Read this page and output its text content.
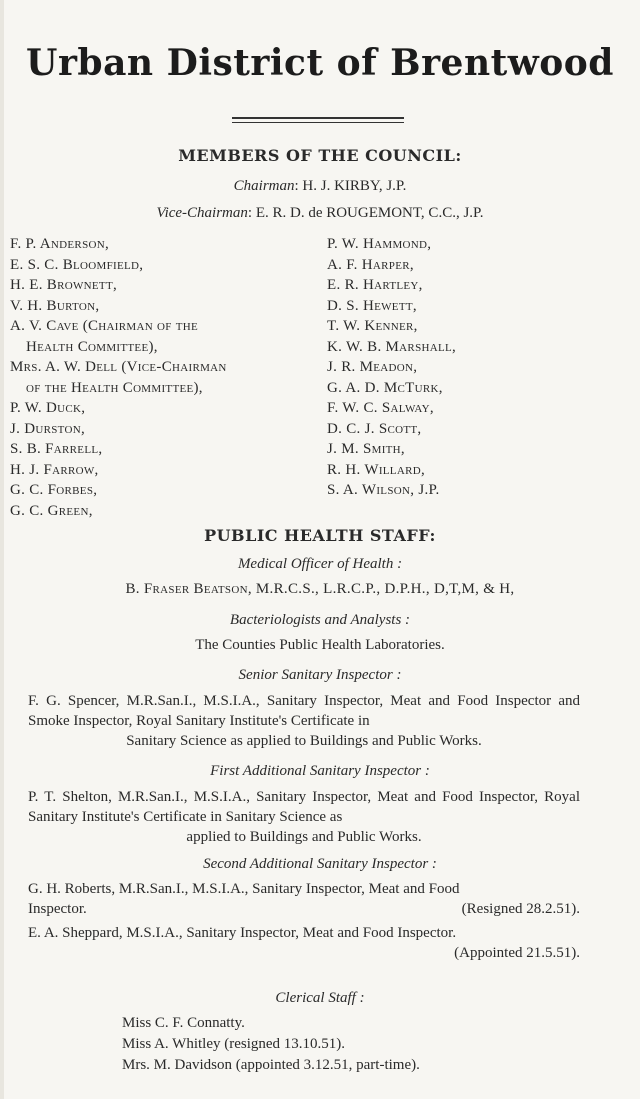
Urban District of Brentwood
MEMBERS OF THE COUNCIL:
Chairman: H. J. KIRBY, J.P.
Vice-Chairman: E. R. D. de ROUGEMONT, C.C., J.P.
F. P. Anderson,
E. S. C. Bloomfield,
H. E. Brownett,
V. H. Burton,
A. V. Cave (Chairman of the
Health Committee),
Mrs. A. W. Dell (Vice-Chairman
of the Health Committee),
P. W. Duck,
J. Durston,
S. B. Farrell,
H. J. Farrow,
G. C. Forbes,
G. C. Green,
P. W. Hammond,
A. F. Harper,
E. R. Hartley,
D. S. Hewett,
T. W. Kenner,
K. W. B. Marshall,
J. R. Meadon,
G. A. D. McTurk,
F. W. C. Salway,
D. C. J. Scott,
J. M. Smith,
R. H. Willard,
S. A. Wilson, J.P.
PUBLIC HEALTH STAFF:
Medical Officer of Health :
B. Fraser Beatson, M.R.C.S., L.R.C.P., D.P.H., D,T,M, & H,
Bacteriologists and Analysts :
The Counties Public Health Laboratories.
Senior Sanitary Inspector :
F. G. Spencer, M.R.San.I., M.S.I.A., Sanitary Inspector, Meat and Food Inspector and Smoke Inspector, Royal Sanitary Institute's Certificate in
Sanitary Science as applied to Buildings and Public Works.
First Additional Sanitary Inspector :
P. T. Shelton, M.R.San.I., M.S.I.A., Sanitary Inspector, Meat and Food Inspector, Royal Sanitary Institute's Certificate in Sanitary Science as
applied to Buildings and Public Works.
Second Additional Sanitary Inspector :
G. H. Roberts, M.R.San.I., M.S.I.A., Sanitary Inspector, Meat and Food
Inspector.	(Resigned 28.2.51).
E. A. Sheppard, M.S.I.A., Sanitary Inspector, Meat and Food Inspector.
(Appointed 21.5.51).
Clerical Staff :
Miss C. F. Connatty.
Miss A. Whitley (resigned 13.10.51).
Mrs. M. Davidson (appointed 3.12.51, part-time).
